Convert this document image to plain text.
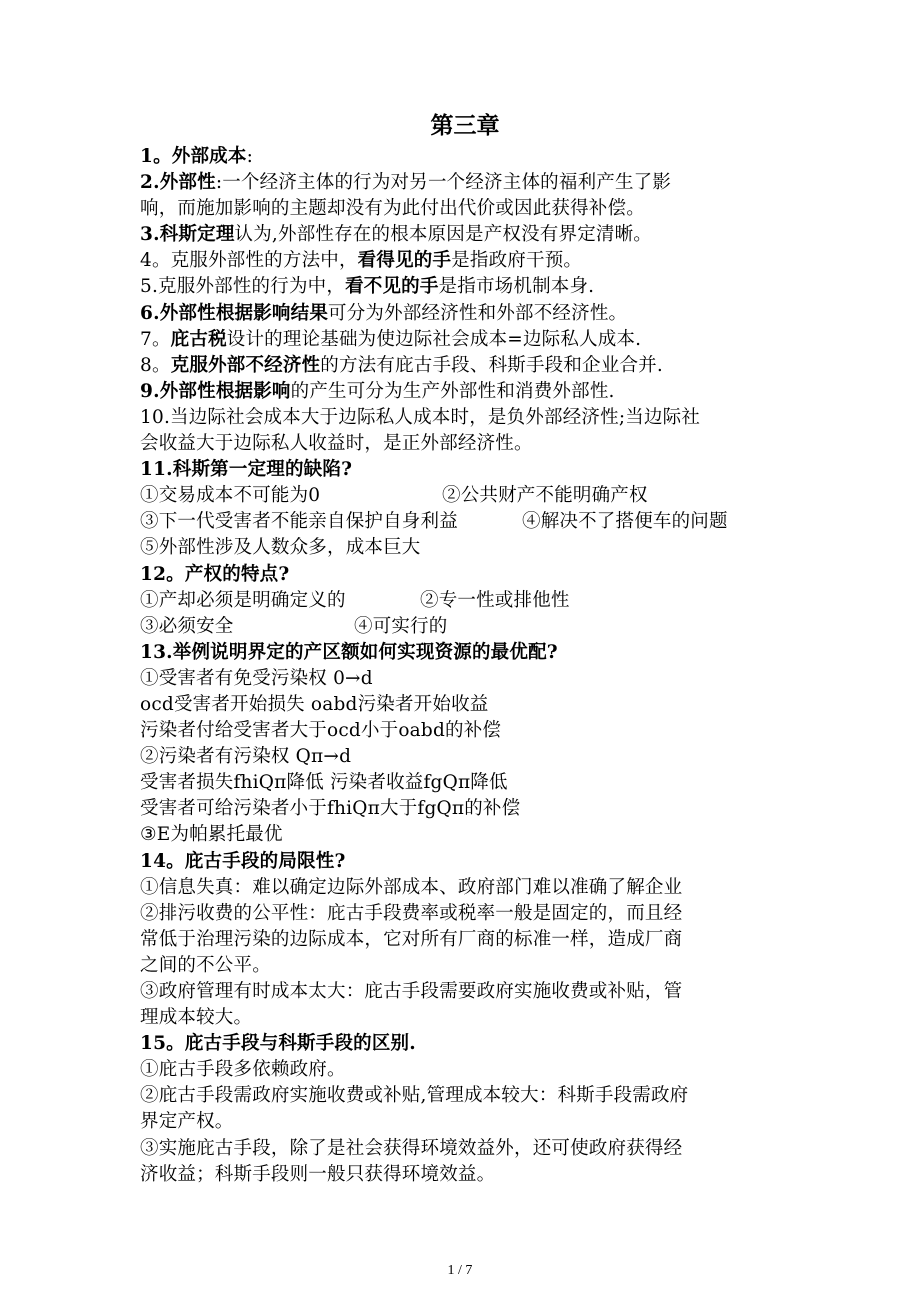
第三章
1。外部成本:
2.外部性:一个经济主体的行为对另一个经济主体的福利产生了影
响，而施加影响的主题却没有为此付出代价或因此获得补偿。
3.科斯定理认为,外部性存在的根本原因是产权没有界定清晰。
4。克服外部性的方法中，看得见的手是指政府干预。
5.克服外部性的行为中，看不见的手是指市场机制本身.
6.外部性根据影响结果可分为外部经济性和外部不经济性。
7。庇古税设计的理论基础为使边际社会成本=边际私人成本.
8。克服外部不经济性的方法有庇古手段、科斯手段和企业合并.
9.外部性根据影响的产生可分为生产外部性和消费外部性.
10.当边际社会成本大于边际私人成本时，是负外部经济性;当边际社
会收益大于边际私人收益时，是正外部经济性。
11.科斯第一定理的缺陷?
①交易成本不可能为0	②公共财产不能明确产权
③下一代受害者不能亲自保护自身利益	④解决不了搭便车的问题
⑤外部性涉及人数众多，成本巨大
12。产权的特点?
①产却必须是明确定义的	②专一性或排他性
③必须安全	④可实行的
13.举例说明界定的产区额如何实现资源的最优配?
①受害者有免受污染权 0→d
ocd受害者开始损失 oabd污染者开始收益
污染者付给受害者大于ocd小于oabd的补偿
②污染者有污染权 Qπ→d
受害者损失fhiQπ降低 污染者收益fgQπ降低
受害者可给污染者小于fhiQπ大于fgQπ的补偿
③E为帕累托最优
14。庇古手段的局限性?
①信息失真：难以确定边际外部成本、政府部门难以准确了解企业
②排污收费的公平性：庇古手段费率或税率一般是固定的，而且经
常低于治理污染的边际成本，它对所有厂商的标准一样，造成厂商
之间的不公平。
③政府管理有时成本太大：庇古手段需要政府实施收费或补贴，管
理成本较大。
15。庇古手段与科斯手段的区别.
①庇古手段多依赖政府。
②庇古手段需政府实施收费或补贴,管理成本较大：科斯手段需政府
界定产权。
③实施庇古手段，除了是社会获得环境效益外，还可使政府获得经
济收益；科斯手段则一般只获得环境效益。
1 / 7
